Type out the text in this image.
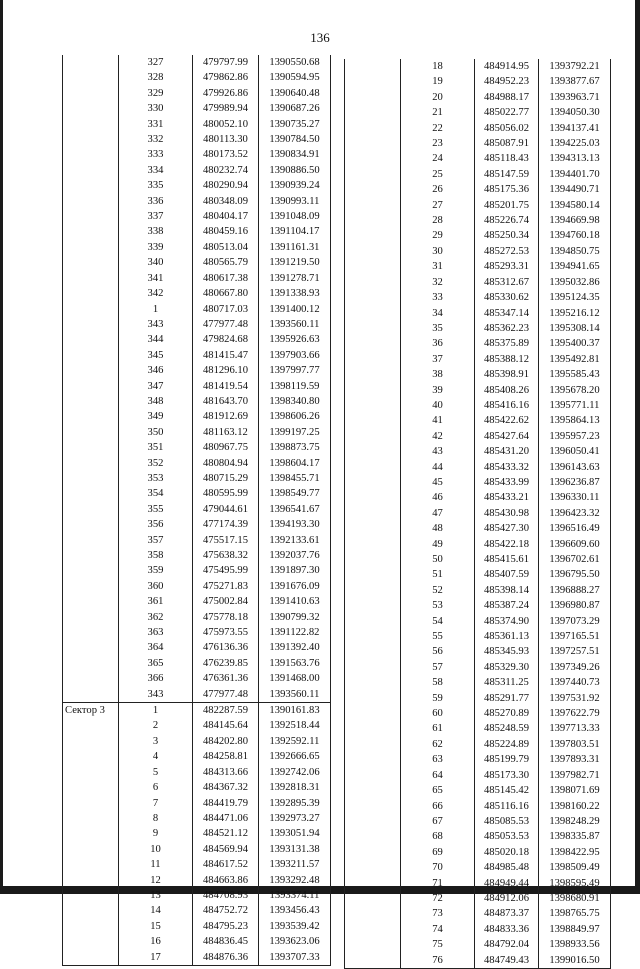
136
	327	479797.99	1390550.68
	328	479862.86	1390594.95
	329	479926.86	1390640.48
	330	479989.94	1390687.26
	331	480052.10	1390735.27
	332	480113.30	1390784.50
	333	480173.52	1390834.91
	334	480232.74	1390886.50
	335	480290.94	1390939.24
	336	480348.09	1390993.11
	337	480404.17	1391048.09
	338	480459.16	1391104.17
	339	480513.04	1391161.31
	340	480565.79	1391219.50
	341	480617.38	1391278.71
	342	480667.80	1391338.93
	1	480717.03	1391400.12
	343	477977.48	1393560.11
	344	479824.68	1395926.63
	345	481415.47	1397903.66
	346	481296.10	1397997.77
	347	481419.54	1398119.59
	348	481643.70	1398340.80
	349	481912.69	1398606.26
	350	481163.12	1399197.25
	351	480967.75	1398873.75
	352	480804.94	1398604.17
	353	480715.29	1398455.71
	354	480595.99	1398549.77
	355	479044.61	1396541.67
	356	477174.39	1394193.30
	357	475517.15	1392133.61
	358	475638.32	1392037.76
	359	475495.99	1391897.30
	360	475271.83	1391676.09
	361	475002.84	1391410.63
	362	475778.18	1390799.32
	363	475973.55	1391122.82
	364	476136.36	1391392.40
	365	476239.85	1391563.76
	366	476361.36	1391468.00
	343	477977.48	1393560.11
Сектор 3	1	482287.59	1390161.83
	2	484145.64	1392518.44
	3	484202.80	1392592.11
	4	484258.81	1392666.65
	5	484313.66	1392742.06
	6	484367.32	1392818.31
	7	484419.79	1392895.39
	8	484471.06	1392973.27
	9	484521.12	1393051.94
	10	484569.94	1393131.38
	11	484617.52	1393211.57
	12	484663.86	1393292.48
	13	484708.93	1393374.11
	14	484752.72	1393456.43
	15	484795.23	1393539.42
	16	484836.45	1393623.06
	17	484876.36	1393707.33
	18	484914.95	1393792.21
	19	484952.23	1393877.67
	20	484988.17	1393963.71
	21	485022.77	1394050.30
	22	485056.02	1394137.41
	23	485087.91	1394225.03
	24	485118.43	1394313.13
	25	485147.59	1394401.70
	26	485175.36	1394490.71
	27	485201.75	1394580.14
	28	485226.74	1394669.98
	29	485250.34	1394760.18
	30	485272.53	1394850.75
	31	485293.31	1394941.65
	32	485312.67	1395032.86
	33	485330.62	1395124.35
	34	485347.14	1395216.12
	35	485362.23	1395308.14
	36	485375.89	1395400.37
	37	485388.12	1395492.81
	38	485398.91	1395585.43
	39	485408.26	1395678.20
	40	485416.16	1395771.11
	41	485422.62	1395864.13
	42	485427.64	1395957.23
	43	485431.20	1396050.41
	44	485433.32	1396143.63
	45	485433.99	1396236.87
	46	485433.21	1396330.11
	47	485430.98	1396423.32
	48	485427.30	1396516.49
	49	485422.18	1396609.60
	50	485415.61	1396702.61
	51	485407.59	1396795.50
	52	485398.14	1396888.27
	53	485387.24	1396980.87
	54	485374.90	1397073.29
	55	485361.13	1397165.51
	56	485345.93	1397257.51
	57	485329.30	1397349.26
	58	485311.25	1397440.73
	59	485291.77	1397531.92
	60	485270.89	1397622.79
	61	485248.59	1397713.33
	62	485224.89	1397803.51
	63	485199.79	1397893.31
	64	485173.30	1397982.71
	65	485145.42	1398071.69
	66	485116.16	1398160.22
	67	485085.53	1398248.29
	68	485053.53	1398335.87
	69	485020.18	1398422.95
	70	484985.48	1398509.49
	71	484949.44	1398595.49
	72	484912.06	1398680.91
	73	484873.37	1398765.75
	74	484833.36	1398849.97
	75	484792.04	1398933.56
	76	484749.43	1399016.50
